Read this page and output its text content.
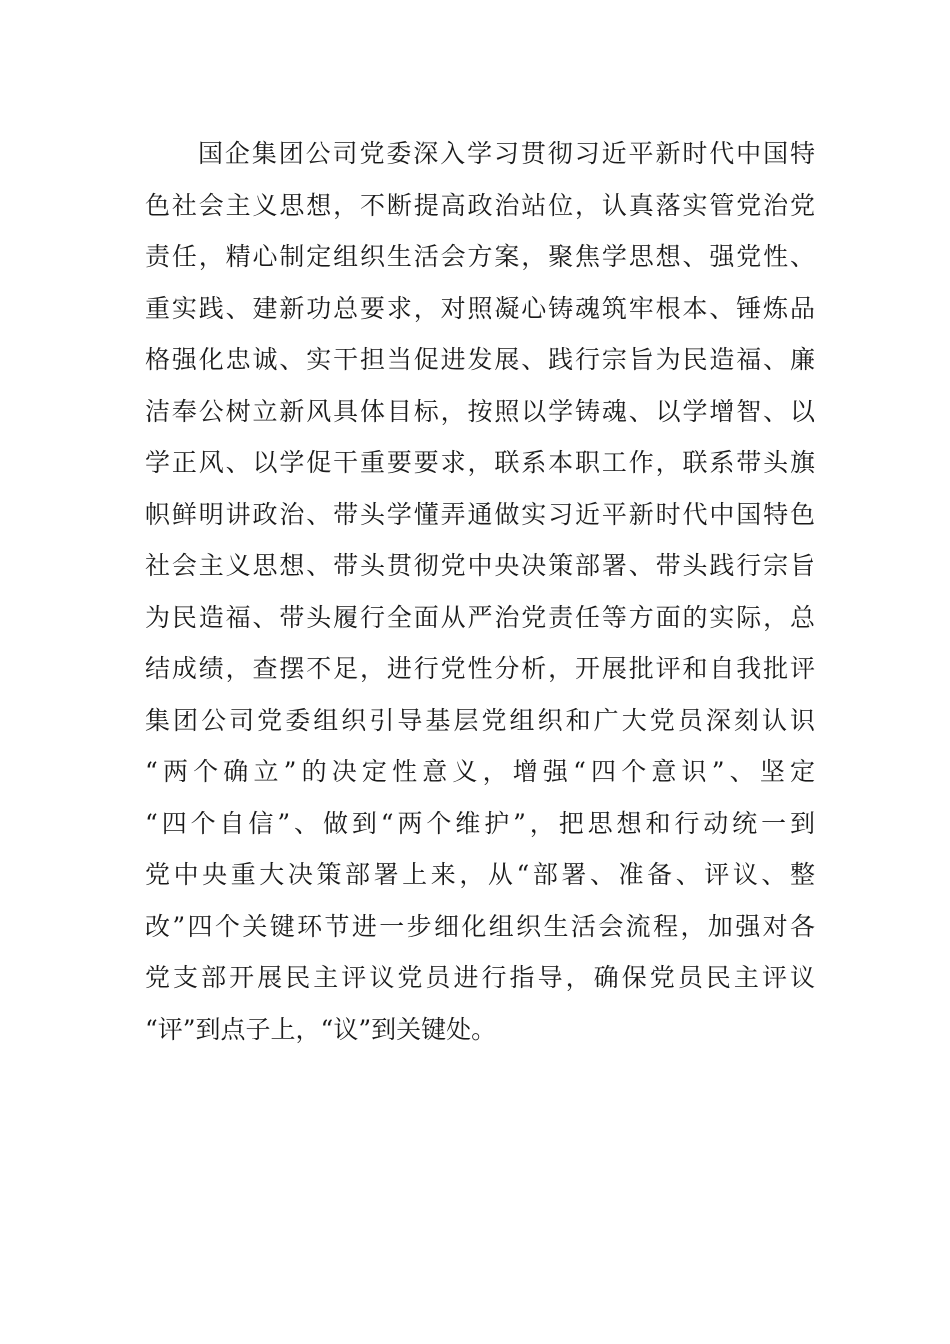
国企集团公司党委深入学习贯彻习近平新时代中国特
色社会主义思想，不断提高政治站位，认真落实管党治党
责任，精心制定组织生活会方案，聚焦学思想、强党性、
重实践、建新功总要求，对照凝心铸魂筑牢根本、锤炼品
格强化忠诚、实干担当促进发展、践行宗旨为民造福、廉
洁奉公树立新风具体目标，按照以学铸魂、以学增智、以
学正风、以学促干重要要求，联系本职工作，联系带头旗
帜鲜明讲政治、带头学懂弄通做实习近平新时代中国特色
社会主义思想、带头贯彻党中央决策部署、带头践行宗旨
为民造福、带头履行全面从严治党责任等方面的实际，总
结成绩，查摆不足，进行党性分析，开展批评和自我批评
集团公司党委组织引导基层党组织和广大党员深刻认识
“两个确立”的决定性意义，增强“四个意识”、坚定
“四个自信”、做到“两个维护”，把思想和行动统一到
党中央重大决策部署上来，从“部署、准备、评议、整
改”四个关键环节进一步细化组织生活会流程，加强对各
党支部开展民主评议党员进行指导，确保党员民主评议
“评”到点子上，“议”到关键处。
